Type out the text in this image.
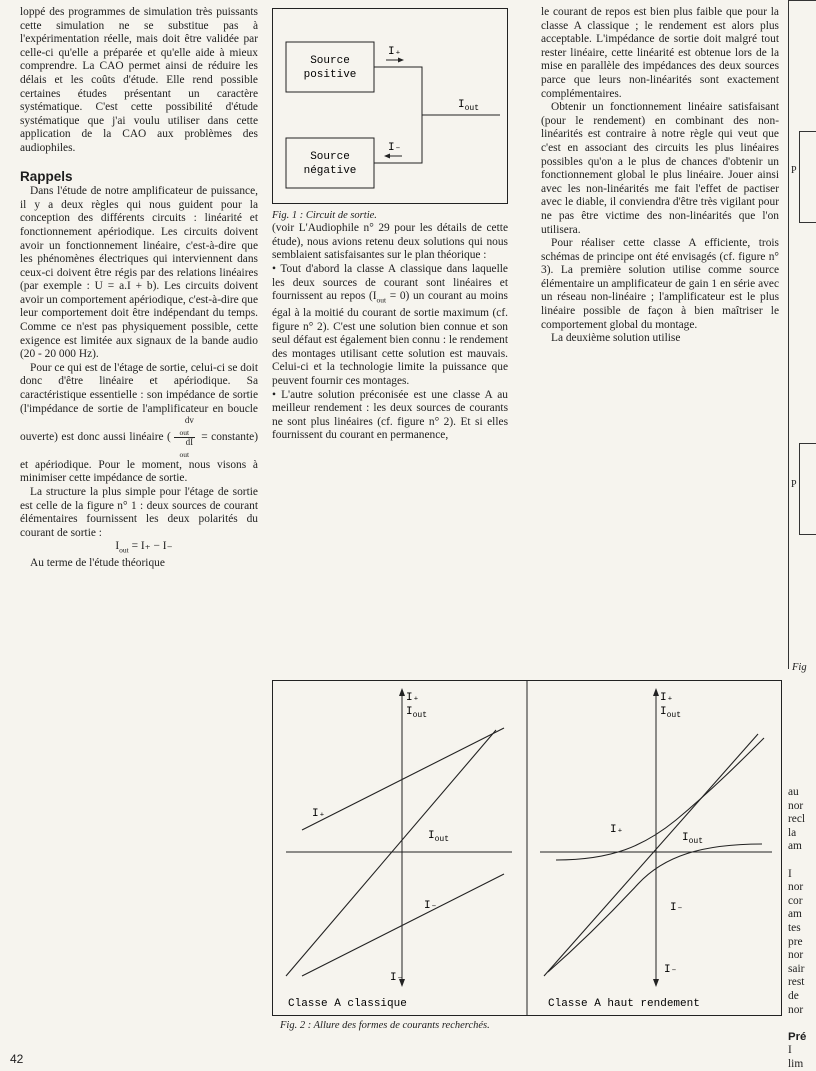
loppé des programmes de simulation très puissants cette simulation ne se substitue pas à l'expérimentation réelle, mais doit être validée par celle-ci qu'elle a préparée et qu'elle aide à mieux comprendre. La CAO permet ainsi de réduire les délais et les coûts d'étude. Elle rend possible certaines études présentant un caractère systématique. C'est cette possibilité d'étude systématique que j'ai voulu utiliser dans cette application de la CAO aux problèmes des audiophiles.

Rappels

Dans l'étude de notre amplificateur de puissance, il y a deux règles qui nous guident pour la conception des différents circuits : linéarité et fonctionnement apériodique. Les circuits doivent avoir un fonctionnement linéaire, c'est-à-dire que les phénomènes électriques qui interviennent dans ceux-ci doivent être régis par des relations linéaires (par exemple : U = a.I + b). Les circuits doivent avoir un comportement apériodique, c'est-à-dire que leur comportement doit être indépendant du temps. Comme ce n'est pas physiquement possible, cette exigence est limitée aux signaux de la bande audio (20 - 20 000 Hz).

Pour ce qui est de l'étage de sortie, celui-ci se doit donc d'être linéaire et apériodique. Sa caractéristique essentielle : son impédance de sortie (l'impédance de sortie de l'amplificateur en boucle ouverte) est donc aussi linéaire ( dv
$_{out}$
dI
$_{out}$ = constante) et apériodique. Pour le moment, nous visons à minimiser cette impédance de sortie.

La structure la plus simple pour l'étage de sortie est celle de la figure n° 1 : deux sources de courant élémentaires fournissent les deux polarités du courant de sortie :

$I_{out} = I_+ - I_-$

Au terme de l'étude théorique

Source
positive
Source
négative
I₊
I₋
$I_{out}$

Fig. 1 : Circuit de sortie.

(voir L'Audiophile n° 29 pour les détails de cette étude), nous avions retenu deux solutions qui nous semblaient satisfaisantes sur le plan théorique :

• Tout d'abord la classe A classique dans laquelle les deux sources de courant sont linéaires et fournissent au repos $(I_{out} = 0)$ un courant au moins égal à la moitié du courant de sortie maximum (cf. figure n° 2). C'est une solution bien connue et son seul défaut est également bien connu : le rendement des montages utilisant cette solution est mauvais. Celui-ci et la technologie limite la puissance que peuvent fournir ces montages.

• L'autre solution préconisée est une classe A au meilleur rendement : les deux sources de courants ne sont plus linéaires (cf. figure n° 2). Et si elles fournissent du courant en permanence,

le courant de repos est bien plus faible que pour la classe A classique ; le rendement est alors plus acceptable. L'impédance de sortie doit malgré tout rester linéaire, cette linéarité est obtenue lors de la mise en parallèle des impédances des deux sources parce que leurs non-linéarités sont exactement complémentaires.

Obtenir un fonctionnement linéaire satisfaisant (pour le rendement) en combinant des non-linéarités est contraire à notre règle qui veut que c'est en associant des circuits les plus linéaires possibles qu'on a le plus de chances d'obtenir un fonctionnement global le plus linéaire. Jouer ainsi avec les non-linéarités me fait l'effet de pactiser avec le diable, il conviendra d'être très vigilant pour ne pas être victime des non-linéarités que l'on utilisera.

Pour réaliser cette classe A efficiente, trois schémas de principe ont été envisagés (cf. figure n° 3). La première solution utilise comme source élémentaire un amplificateur de gain 1 en série avec un réseau non-linéaire ; l'amplificateur est le plus linéaire possible de façon à bien maîtriser le comportement global du montage.

La deuxième solution utilise

P
P
Fig
au
nor
recl
la
am

I
nor
cor
am
tes
pre
nor
sair
rest
de
nor

Pré
I
lim
I₊
$I_{out}$
I₊
$I_{out}$
I₋
I₋
Classe A classique
I₊
$I_{out}$
I₊
$I_{out}$
I₋
I₋
Classe A haut rendement
Fig. 2 : Allure des formes de courants recherchés.
42
